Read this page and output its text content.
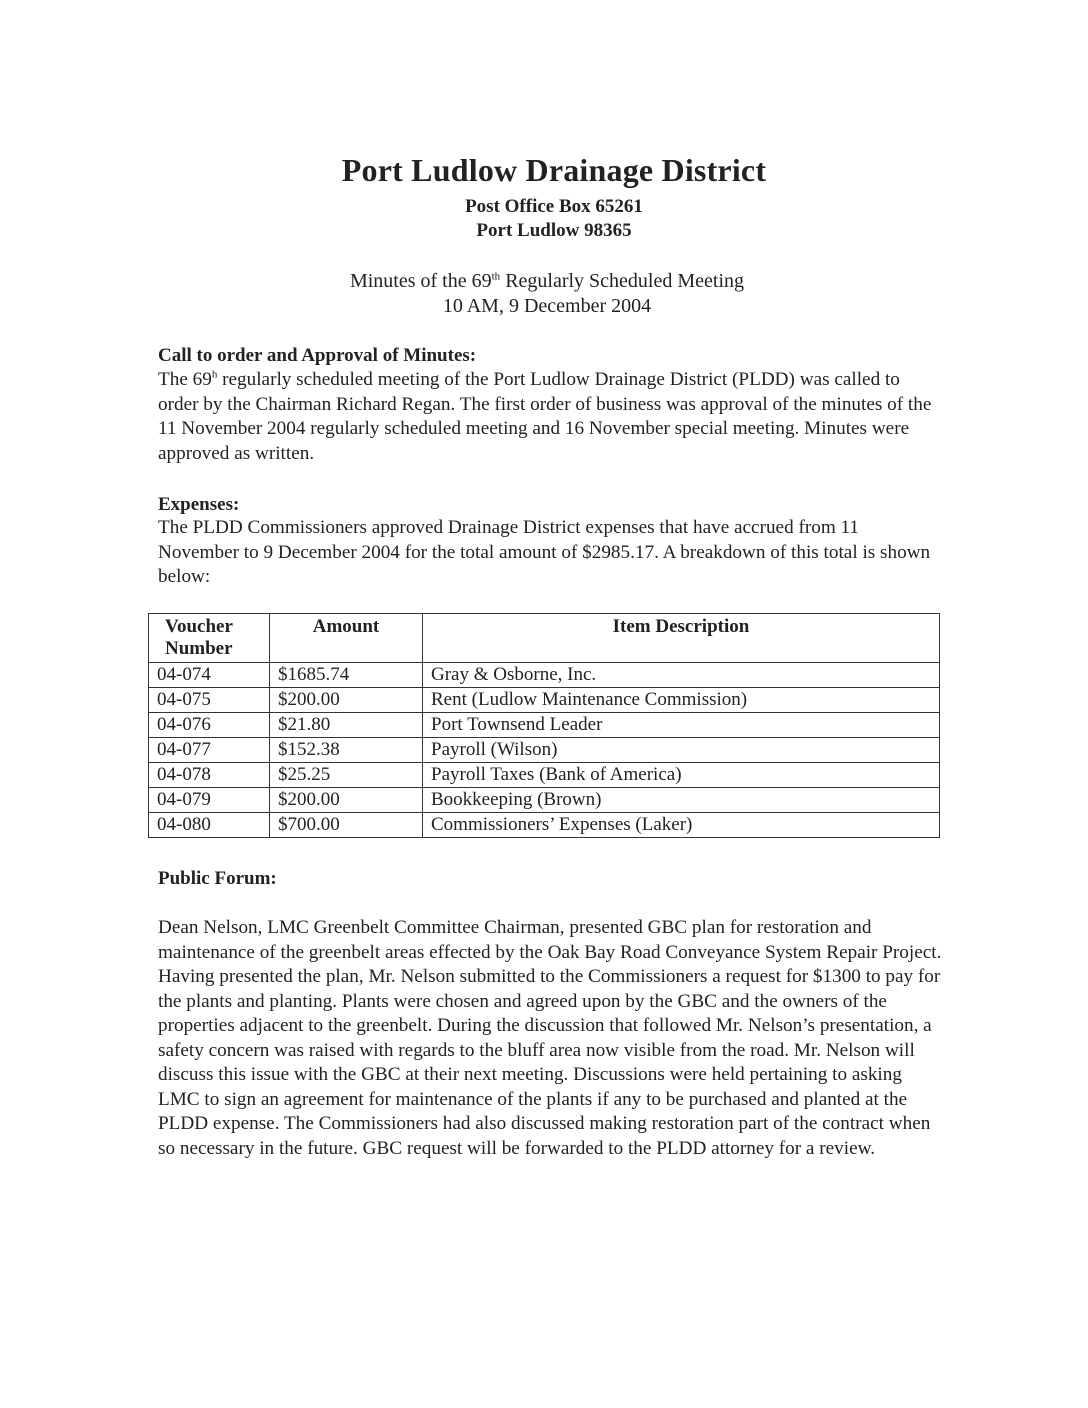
Port Ludlow Drainage District
Post Office Box 65261
Port Ludlow 98365
Minutes of the 69th Regularly Scheduled Meeting
10 AM, 9 December 2004
Call to order and Approval of Minutes:
The 69$^h$ regularly scheduled meeting of the Port Ludlow Drainage District (PLDD) was called to order by the Chairman Richard Regan. The first order of business was approval of the minutes of the 11 November 2004 regularly scheduled meeting and 16 November special meeting. Minutes were approved as written.
Expenses:
The PLDD Commissioners approved Drainage District expenses that have accrued from 11 November to 9 December 2004 for the total amount of $2985.17. A breakdown of this total is shown below:
Voucher
Number	Amount	Item Description
04-074	$1685.74	Gray & Osborne, Inc.
04-075	$200.00	Rent (Ludlow Maintenance Commission)
04-076	$21.80	Port Townsend Leader
04-077	$152.38	Payroll (Wilson)
04-078	$25.25	Payroll Taxes (Bank of America)
04-079	$200.00	Bookkeeping (Brown)
04-080	$700.00	Commissioners’ Expenses (Laker)
Public Forum:
Dean Nelson, LMC Greenbelt Committee Chairman, presented GBC plan for restoration and maintenance of the greenbelt areas effected by the Oak Bay Road Conveyance System Repair Project. Having presented the plan, Mr. Nelson submitted to the Commissioners a request for $1300 to pay for the plants and planting. Plants were chosen and agreed upon by the GBC and the owners of the properties adjacent to the greenbelt. During the discussion that followed Mr. Nelson’s presentation, a safety concern was raised with regards to the bluff area now visible from the road. Mr. Nelson will discuss this issue with the GBC at their next meeting. Discussions were held pertaining to asking LMC to sign an agreement for maintenance of the plants if any to be purchased and planted at the PLDD expense. The Commissioners had also discussed making restoration part of the contract when so necessary in the future. GBC request will be forwarded to the PLDD attorney for a review.
